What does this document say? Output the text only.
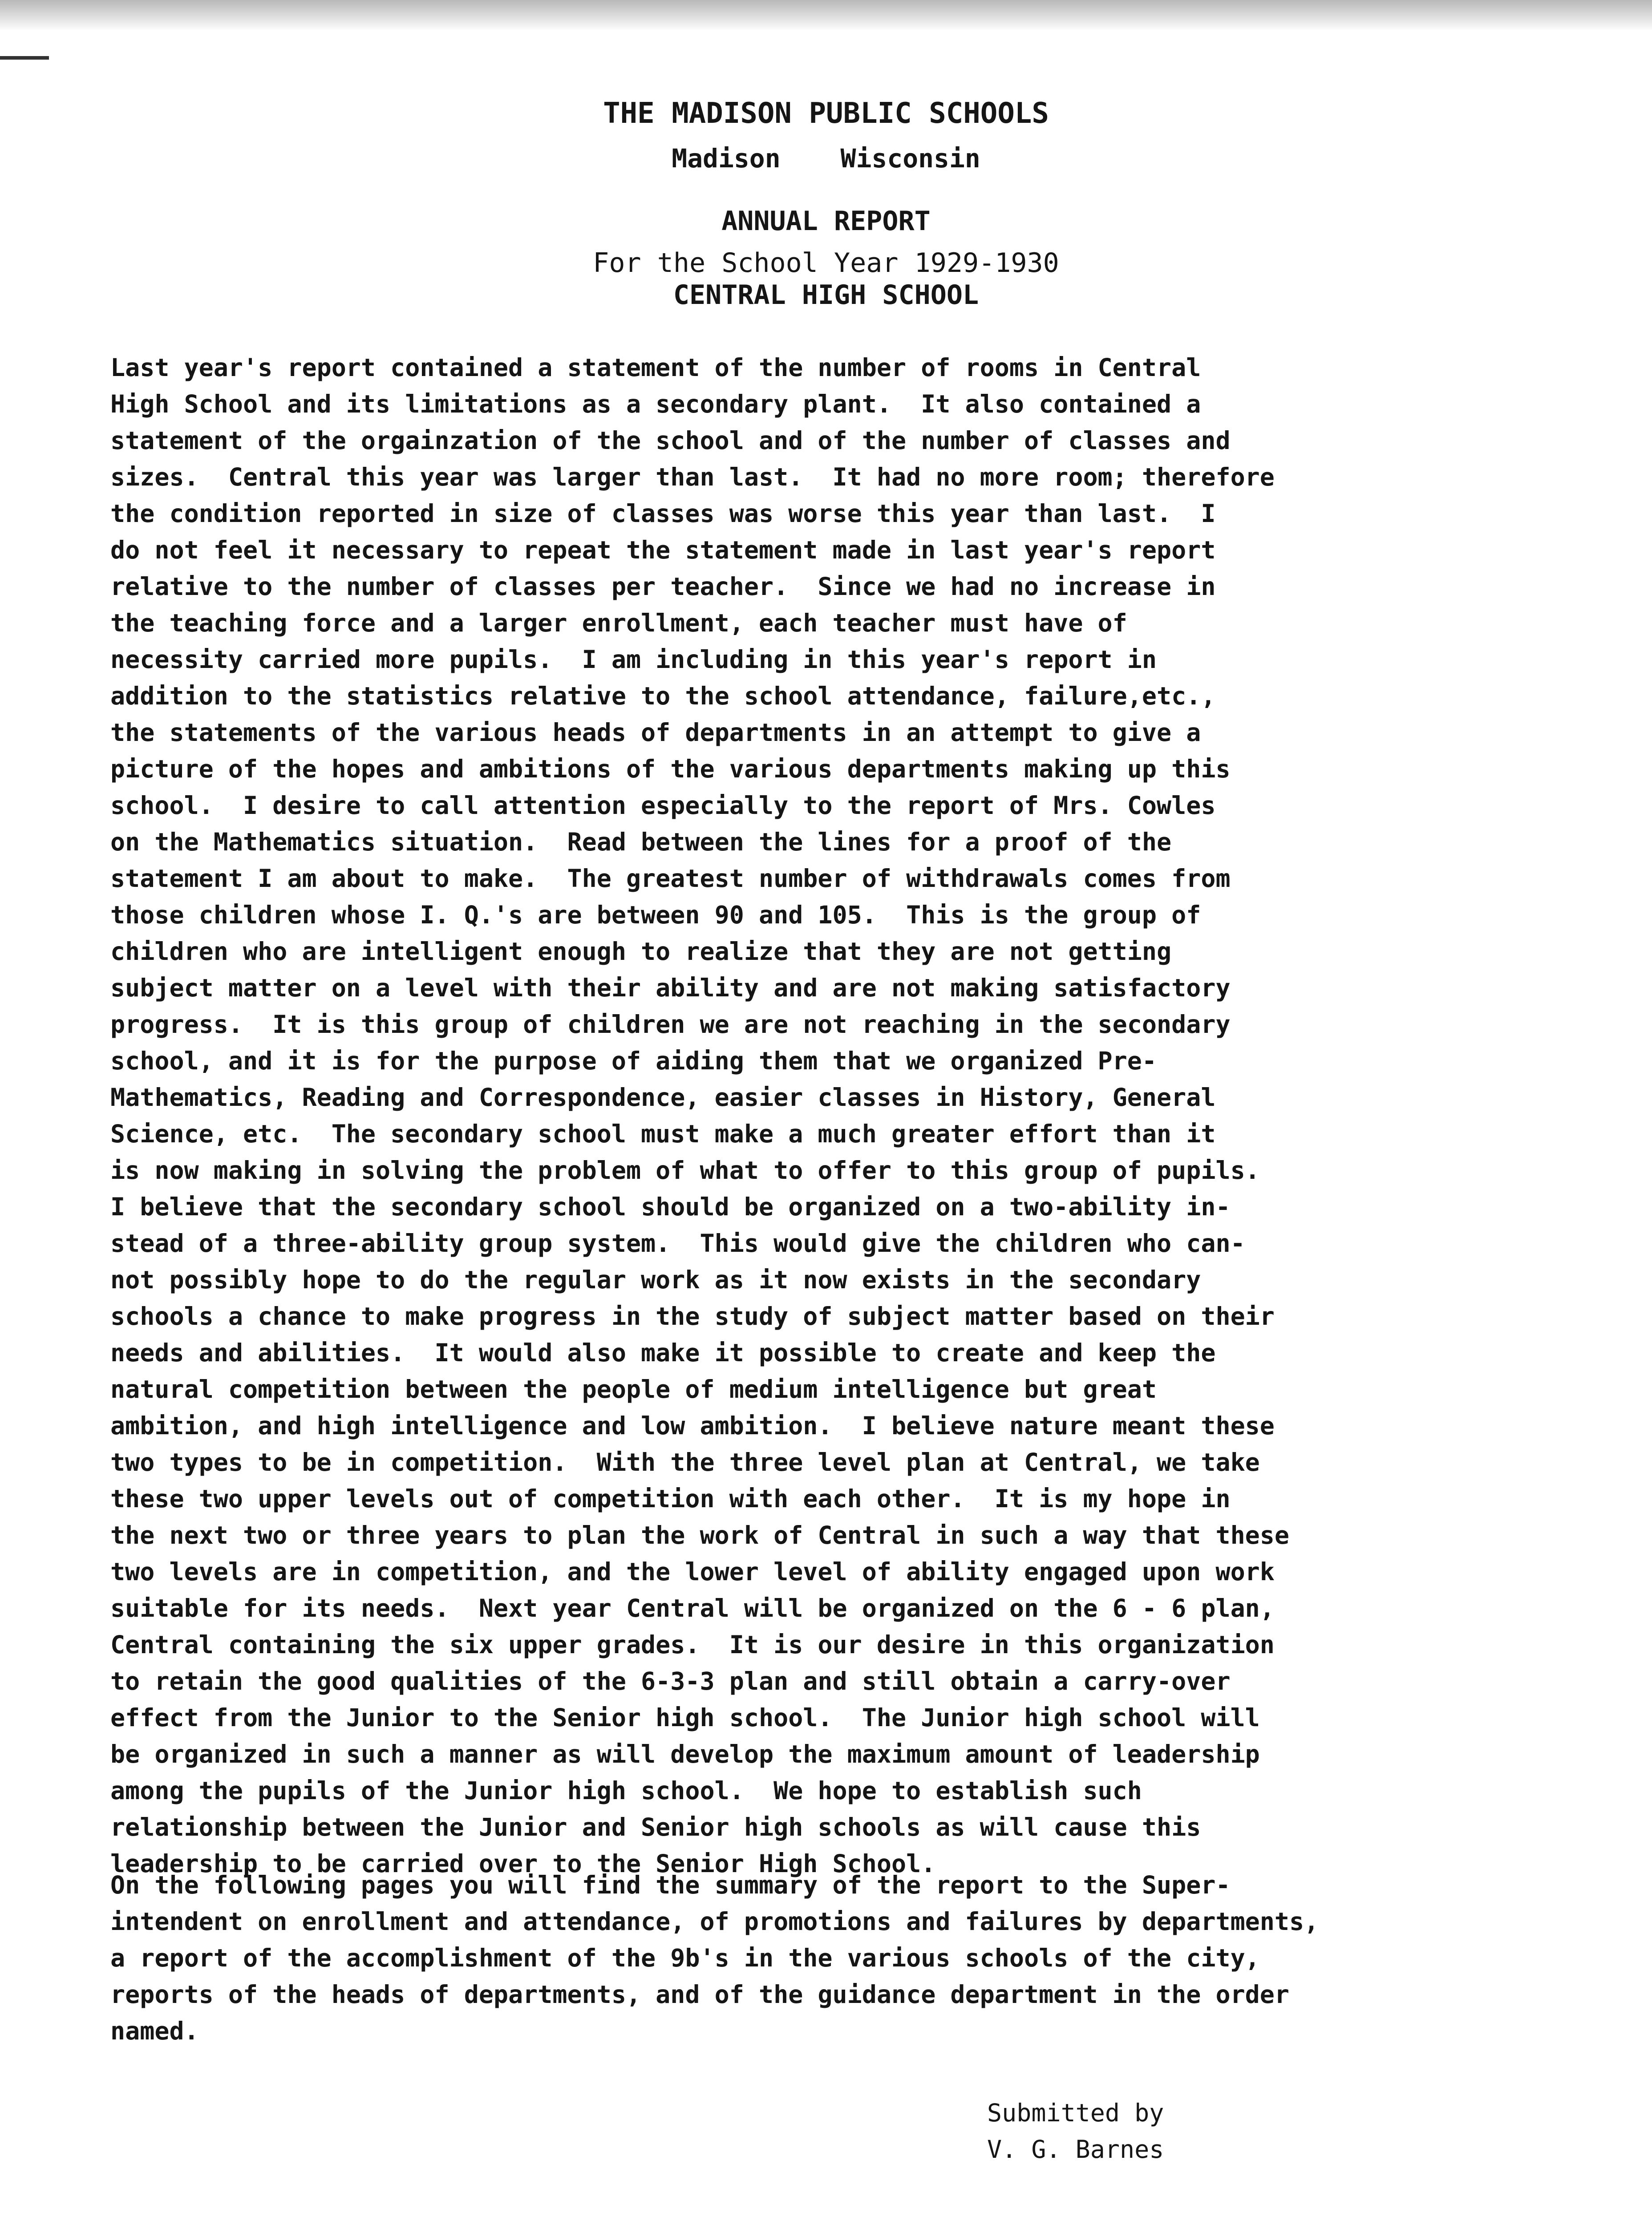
THE MADISON PUBLIC SCHOOLS
Madison Wisconsin
ANNUAL REPORT
For the School Year 1929-1930
CENTRAL HIGH SCHOOL
Last year's report contained a statement of the number of rooms in Central
High School and its limitations as a secondary plant.  It also contained a
statement of the orgainzation of the school and of the number of classes and
sizes.  Central this year was larger than last.  It had no more room; therefore
the condition reported in size of classes was worse this year than last.  I
do not feel it necessary to repeat the statement made in last year's report
relative to the number of classes per teacher.  Since we had no increase in
the teaching force and a larger enrollment, each teacher must have of
necessity carried more pupils.  I am including in this year's report in
addition to the statistics relative to the school attendance, failure,etc.,
the statements of the various heads of departments in an attempt to give a
picture of the hopes and ambitions of the various departments making up this
school.  I desire to call attention especially to the report of Mrs. Cowles
on the Mathematics situation.  Read between the lines for a proof of the
statement I am about to make.  The greatest number of withdrawals comes from
those children whose I. Q.'s are between 90 and 105.  This is the group of
children who are intelligent enough to realize that they are not getting
subject matter on a level with their ability and are not making satisfactory
progress.  It is this group of children we are not reaching in the secondary
school, and it is for the purpose of aiding them that we organized Pre-
Mathematics, Reading and Correspondence, easier classes in History, General
Science, etc.  The secondary school must make a much greater effort than it
is now making in solving the problem of what to offer to this group of pupils.
I believe that the secondary school should be organized on a two-ability in-
stead of a three-ability group system.  This would give the children who can-
not possibly hope to do the regular work as it now exists in the secondary
schools a chance to make progress in the study of subject matter based on their
needs and abilities.  It would also make it possible to create and keep the
natural competition between the people of medium intelligence but great
ambition, and high intelligence and low ambition.  I believe nature meant these
two types to be in competition.  With the three level plan at Central, we take
these two upper levels out of competition with each other.  It is my hope in
the next two or three years to plan the work of Central in such a way that these
two levels are in competition, and the lower level of ability engaged upon work
suitable for its needs.  Next year Central will be organized on the 6 - 6 plan,
Central containing the six upper grades.  It is our desire in this organization
to retain the good qualities of the 6-3-3 plan and still obtain a carry-over
effect from the Junior to the Senior high school.  The Junior high school will
be organized in such a manner as will develop the maximum amount of leadership
among the pupils of the Junior high school.  We hope to establish such
relationship between the Junior and Senior high schools as will cause this
leadership to be carried over to the Senior High School.
On the following pages you will find the summary of the report to the Super-
intendent on enrollment and attendance, of promotions and failures by departments,
a report of the accomplishment of the 9b's in the various schools of the city,
reports of the heads of departments, and of the guidance department in the order
named.
Submitted by
V. G. Barnes
